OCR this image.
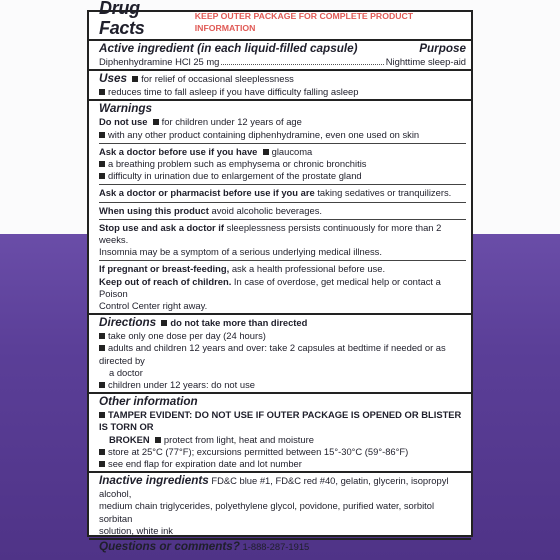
Drug Facts
KEEP OUTER PACKAGE FOR COMPLETE PRODUCT INFORMATION
Active ingredient (in each liquid-filled capsule)	Purpose
Diphenhydramine HCl 25 mg	Nighttime sleep-aid
Uses for relief of occasional sleeplessness
reduces time to fall asleep if you have difficulty falling asleep
Warnings
Do not use for children under 12 years of age
with any other product containing diphenhydramine, even one used on skin
Ask a doctor before use if you have glaucoma
a breathing problem such as emphysema or chronic bronchitis
difficulty in urination due to enlargement of the prostate gland
Ask a doctor or pharmacist before use if you are taking sedatives or tranquilizers.
When using this product avoid alcoholic beverages.
Stop use and ask a doctor if sleeplessness persists continuously for more than 2 weeks.
Insomnia may be a symptom of a serious underlying medical illness.
If pregnant or breast-feeding, ask a health professional before use.
Keep out of reach of children. In case of overdose, get medical help or contact a Poison
Control Center right away.
Directions do not take more than directed
take only one dose per day (24 hours)
adults and children 12 years and over: take 2 capsules at bedtime if needed or as directed by
a doctor
children under 12 years: do not use
Other information
TAMPER EVIDENT: DO NOT USE IF OUTER PACKAGE IS OPENED OR BLISTER IS TORN OR
BROKEN protect from light, heat and moisture
store at 25°C (77°F); excursions permitted between 15°-30°C (59°-86°F)
see end flap for expiration date and lot number
Inactive ingredients FD&C blue #1, FD&C red #40, gelatin, glycerin, isopropyl alcohol,
medium chain triglycerides, polyethylene glycol, povidone, purified water, sorbitol sorbitan
solution, white ink
Questions or comments? 1-888-287-1915
